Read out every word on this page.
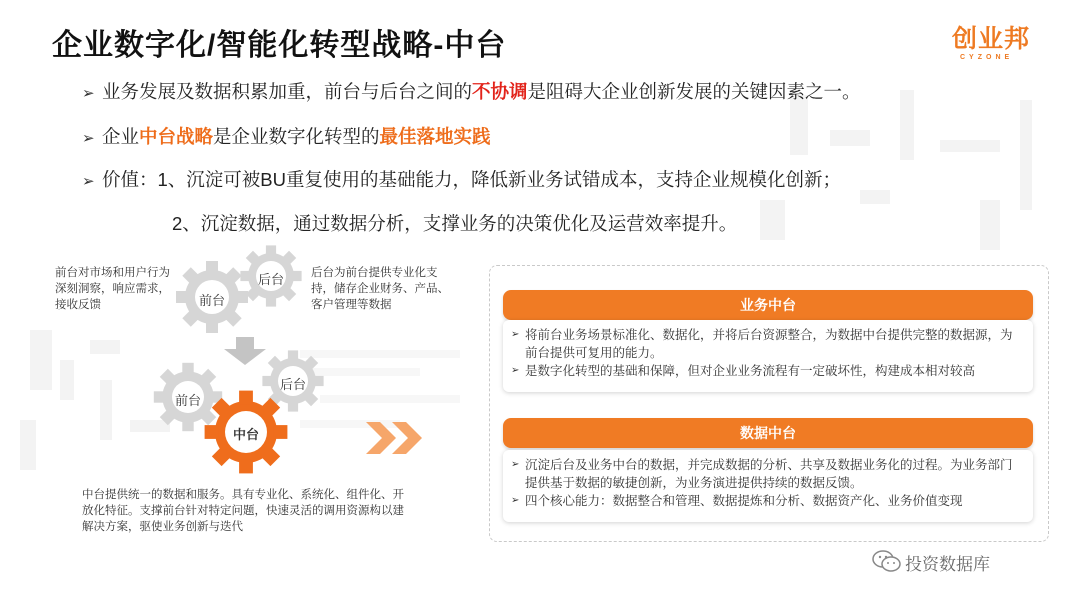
企业数字化/智能化转型战略-中台	创业邦
CYZONE
➢ 业务发展及数据积累加重，前台与后台之间的不协调是阻碍大企业创新发展的关键因素之一。
➢ 企业中台战略是企业数字化转型的最佳落地实践
➢ 价值：1、沉淀可被BU重复使用的基础能力，降低新业务试错成本，支持企业规模化创新；
2、沉淀数据，通过数据分析，支撑业务的决策优化及运营效率提升。
前台对市场和用户行为深刻洞察，响应需求，接收反馈
后台为前台提供专业化支持，储存企业财务、产品、客户管理等数据
中台提供统一的数据和服务。具有专业化、系统化、组件化、开放化特征。支撑前台针对特定问题，快速灵活的调用资源构以建解决方案，驱使业务创新与迭代
前台
后台
前台
后台
中台
业务中台
➢ 将前台业务场景标准化、数据化，并将后台资源整合，为数据中台提供完整的数据源，为前台提供可复用的能力。
➢ 是数字化转型的基础和保障，但对企业业务流程有一定破坏性，构建成本相对较高
数据中台
➢ 沉淀后台及业务中台的数据，并完成数据的分析、共享及数据业务化的过程。为业务部门提供基于数据的敏捷创新，为业务演进提供持续的数据反馈。
➢ 四个核心能力：数据整合和管理、数据提炼和分析、数据资产化、业务价值变现
投资数据库
